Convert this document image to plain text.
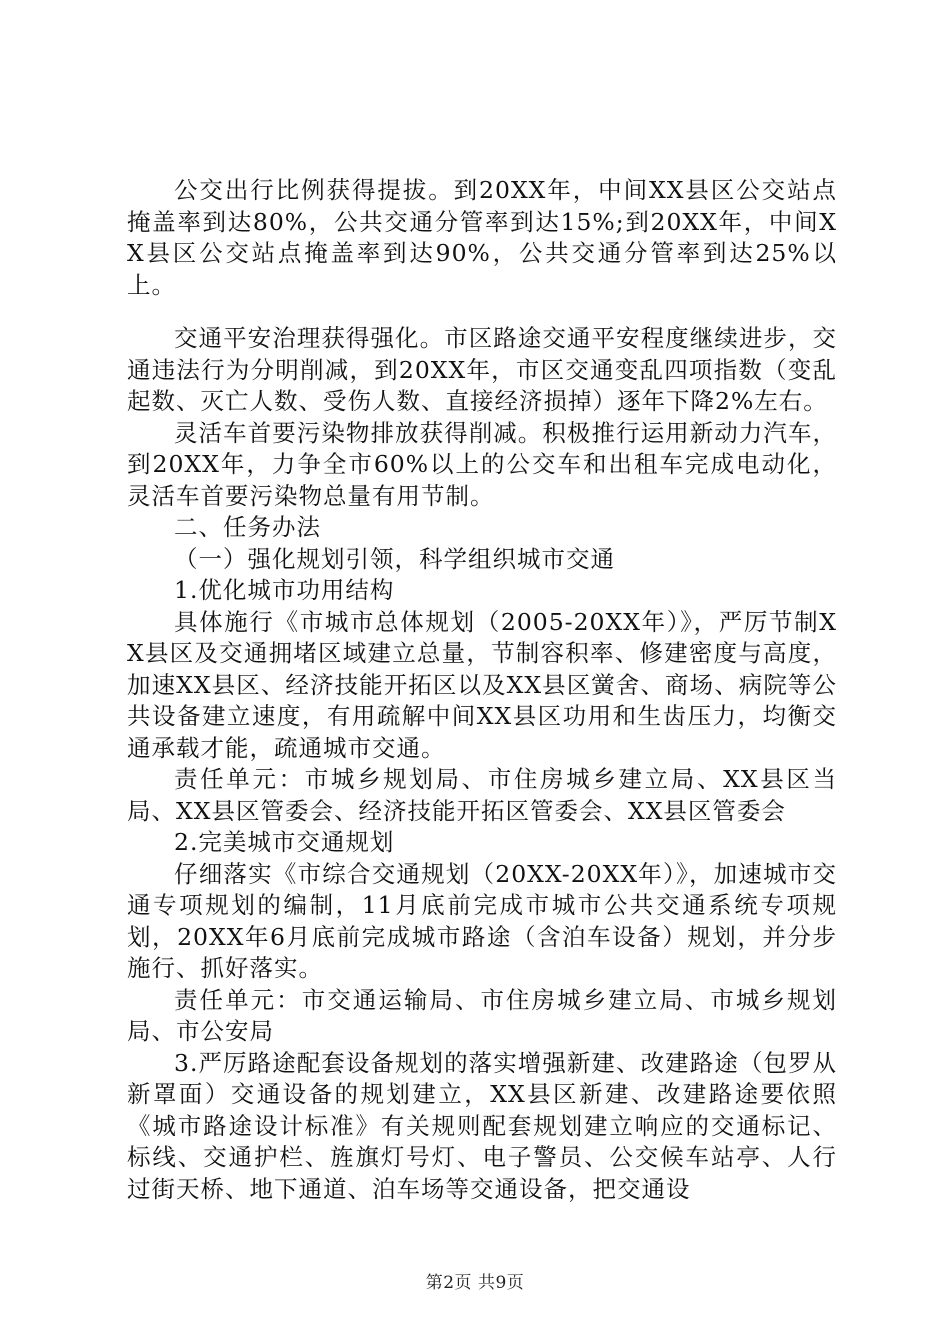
公交出行比例获得提拔。到20XX年，中间XX县区公交站点掩盖率到达80%，公共交通分管率到达15%;到20XX年，中间XX县区公交站点掩盖率到达90%，公共交通分管率到达25%以上。

交通平安治理获得强化。市区路途交通平安程度继续进步，交通违法行为分明削减，到20XX年，市区交通变乱四项指数（变乱起数、灭亡人数、受伤人数、直接经济损掉）逐年下降2%左右。

灵活车首要污染物排放获得削减。积极推行运用新动力汽车，到20XX年，力争全市60%以上的公交车和出租车完成电动化，灵活车首要污染物总量有用节制。

二、任务办法

（一）强化规划引领，科学组织城市交通

1.优化城市功用结构

具体施行《市城市总体规划（2005-20XX年）》，严厉节制XX县区及交通拥堵区域建立总量，节制容积率、修建密度与高度，加速XX县区、经济技能开拓区以及XX县区黉舍、商场、病院等公共设备建立速度，有用疏解中间XX县区功用和生齿压力，均衡交通承载才能，疏通城市交通。

责任单元：市城乡规划局、市住房城乡建立局、XX县区当局、XX县区管委会、经济技能开拓区管委会、XX县区管委会

2.完美城市交通规划

仔细落实《市综合交通规划（20XX-20XX年）》，加速城市交通专项规划的编制，11月底前完成市城市公共交通系统专项规划，20XX年6月底前完成城市路途（含泊车设备）规划，并分步施行、抓好落实。

责任单元：市交通运输局、市住房城乡建立局、市城乡规划局、市公安局

3.严厉路途配套设备规划的落实增强新建、改建路途（包罗从新罩面）交通设备的规划建立，XX县区新建、改建路途要依照《城市路途设计标准》有关规则配套规划建立响应的交通标记、标线、交通护栏、旌旗灯号灯、电子警员、公交候车站亭、人行过街天桥、地下通道、泊车场等交通设备，把交通设

第2页 共9页
